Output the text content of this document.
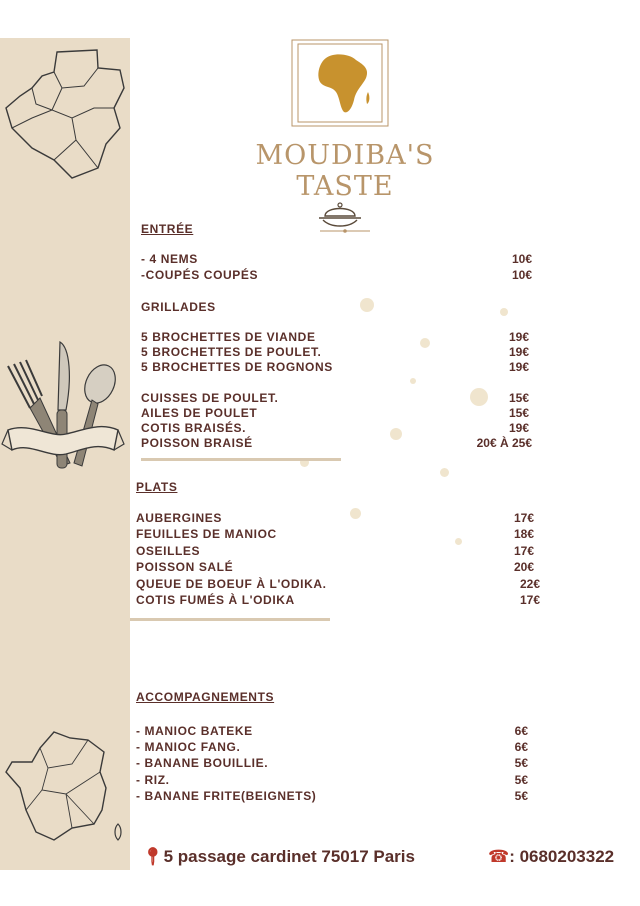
MOUDIBA'S
TASTE
ENTRÉE
- 4 NEMS	10€
-COUPÉS COUPÉS	10€
GRILLADES
5 BROCHETTES DE VIANDE	19€
5 BROCHETTES DE POULET.	19€
5 BROCHETTES DE ROGNONS	19€
CUISSES DE POULET.	15€
AILES DE POULET	15€
COTIS BRAISÉS.	19€
POISSON BRAISÉ	20€ À 25€
PLATS
AUBERGINES	17€
FEUILLES DE MANIOC	18€
OSEILLES	17€
POISSON SALÉ	20€
QUEUE DE BOEUF À L'ODIKA.	22€
COTIS FUMÉS À L'ODIKA	17€
ACCOMPAGNEMENTS
- MANIOC BATEKE	6€
- MANIOC FANG.	6€
- BANANE BOUILLIE.	5€
- RIZ.	5€
- BANANE FRITE(BEIGNETS)	5€
📍︎5 passage cardinet 75017 Paris	☎︎: 0680203322
